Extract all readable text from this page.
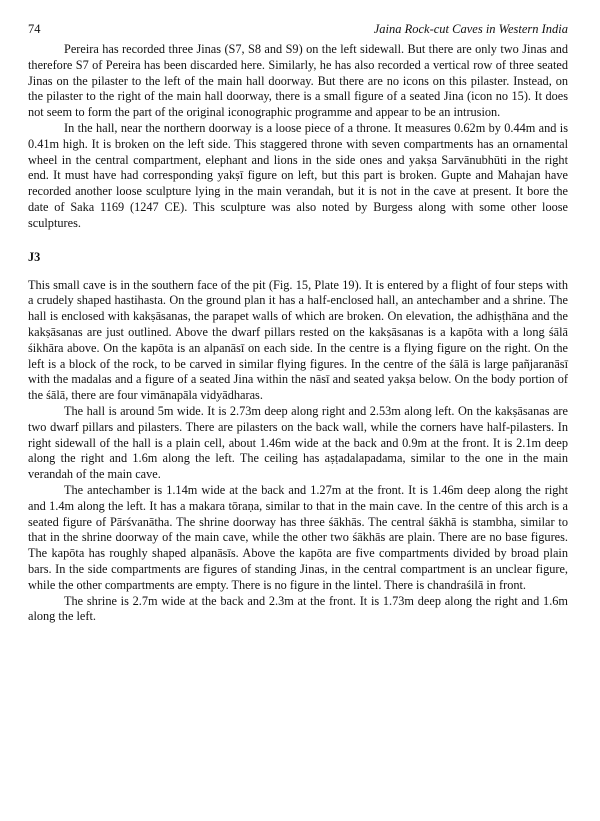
74	Jaina Rock-cut Caves in Western India

Pereira has recorded three Jinas (S7, S8 and S9) on the left sidewall. But there are only two Jinas and therefore S7 of Pereira has been discarded here. Similarly, he has also recorded a vertical row of three seated Jinas on the pilaster to the left of the main hall doorway. But there are no icons on this pilaster. Instead, on the pilaster to the right of the main hall doorway, there is a small figure of a seated Jina (icon no 15). It does not seem to form the part of the original iconographic programme and appear to be an intrusion.

In the hall, near the northern doorway is a loose piece of a throne. It measures 0.62m by 0.44m and is 0.41m high. It is broken on the left side. This staggered throne with seven compartments has an ornamental wheel in the central compartment, elephant and lions in the side ones and yakṣa Sarvānubhūti in the right end. It must have had corresponding yakṣī figure on left, but this part is broken. Gupte and Mahajan have recorded another loose sculpture lying in the main verandah, but it is not in the cave at present. It bore the date of Saka 1169 (1247 CE). This sculpture was also noted by Burgess along with some other loose sculptures.

J3

This small cave is in the southern face of the pit (Fig. 15, Plate 19). It is entered by a flight of four steps with a crudely shaped hastihasta. On the ground plan it has a half-enclosed hall, an antechamber and a shrine. The hall is enclosed with kakṣāsanas, the parapet walls of which are broken. On elevation, the adhiṣṭhāna and the kakṣāsanas are just outlined. Above the dwarf pillars rested on the kakṣāsanas is a kapōta with a long śālā śikhāra above. On the kapōta is an alpanāsī on each side. In the centre is a flying figure on the right. On the left is a block of the rock, to be carved in similar flying figures. In the centre of the śālā is large pañjaranāsī with the madalas and a figure of a seated Jina within the nāsī and seated yakṣa below. On the body portion of the śālā, there are four vimānapāla vidyādharas.

The hall is around 5m wide. It is 2.73m deep along right and 2.53m along left. On the kakṣāsanas are two dwarf pillars and pilasters. There are pilasters on the back wall, while the corners have half-pilasters. In right sidewall of the hall is a plain cell, about 1.46m wide at the back and 0.9m at the front. It is 2.1m deep along the right and 1.6m along the left. The ceiling has aṣṭadalapadama, similar to the one in the main verandah of the main cave.

The antechamber is 1.14m wide at the back and 1.27m at the front. It is 1.46m deep along the right and 1.4m along the left. It has a makara tōraṇa, similar to that in the main cave. In the centre of this arch is a seated figure of Pārśvanātha. The shrine doorway has three śākhās. The central śākhā is stambha, similar to that in the shrine doorway of the main cave, while the other two śākhās are plain. There are no base figures. The kapōta has roughly shaped alpanāsīs. Above the kapōta are five compartments divided by broad plain bars. In the side compartments are figures of standing Jinas, in the central compartment is an unclear figure, while the other compartments are empty. There is no figure in the lintel. There is chandraśilā in front.

The shrine is 2.7m wide at the back and 2.3m at the front. It is 1.73m deep along the right and 1.6m along the left.
